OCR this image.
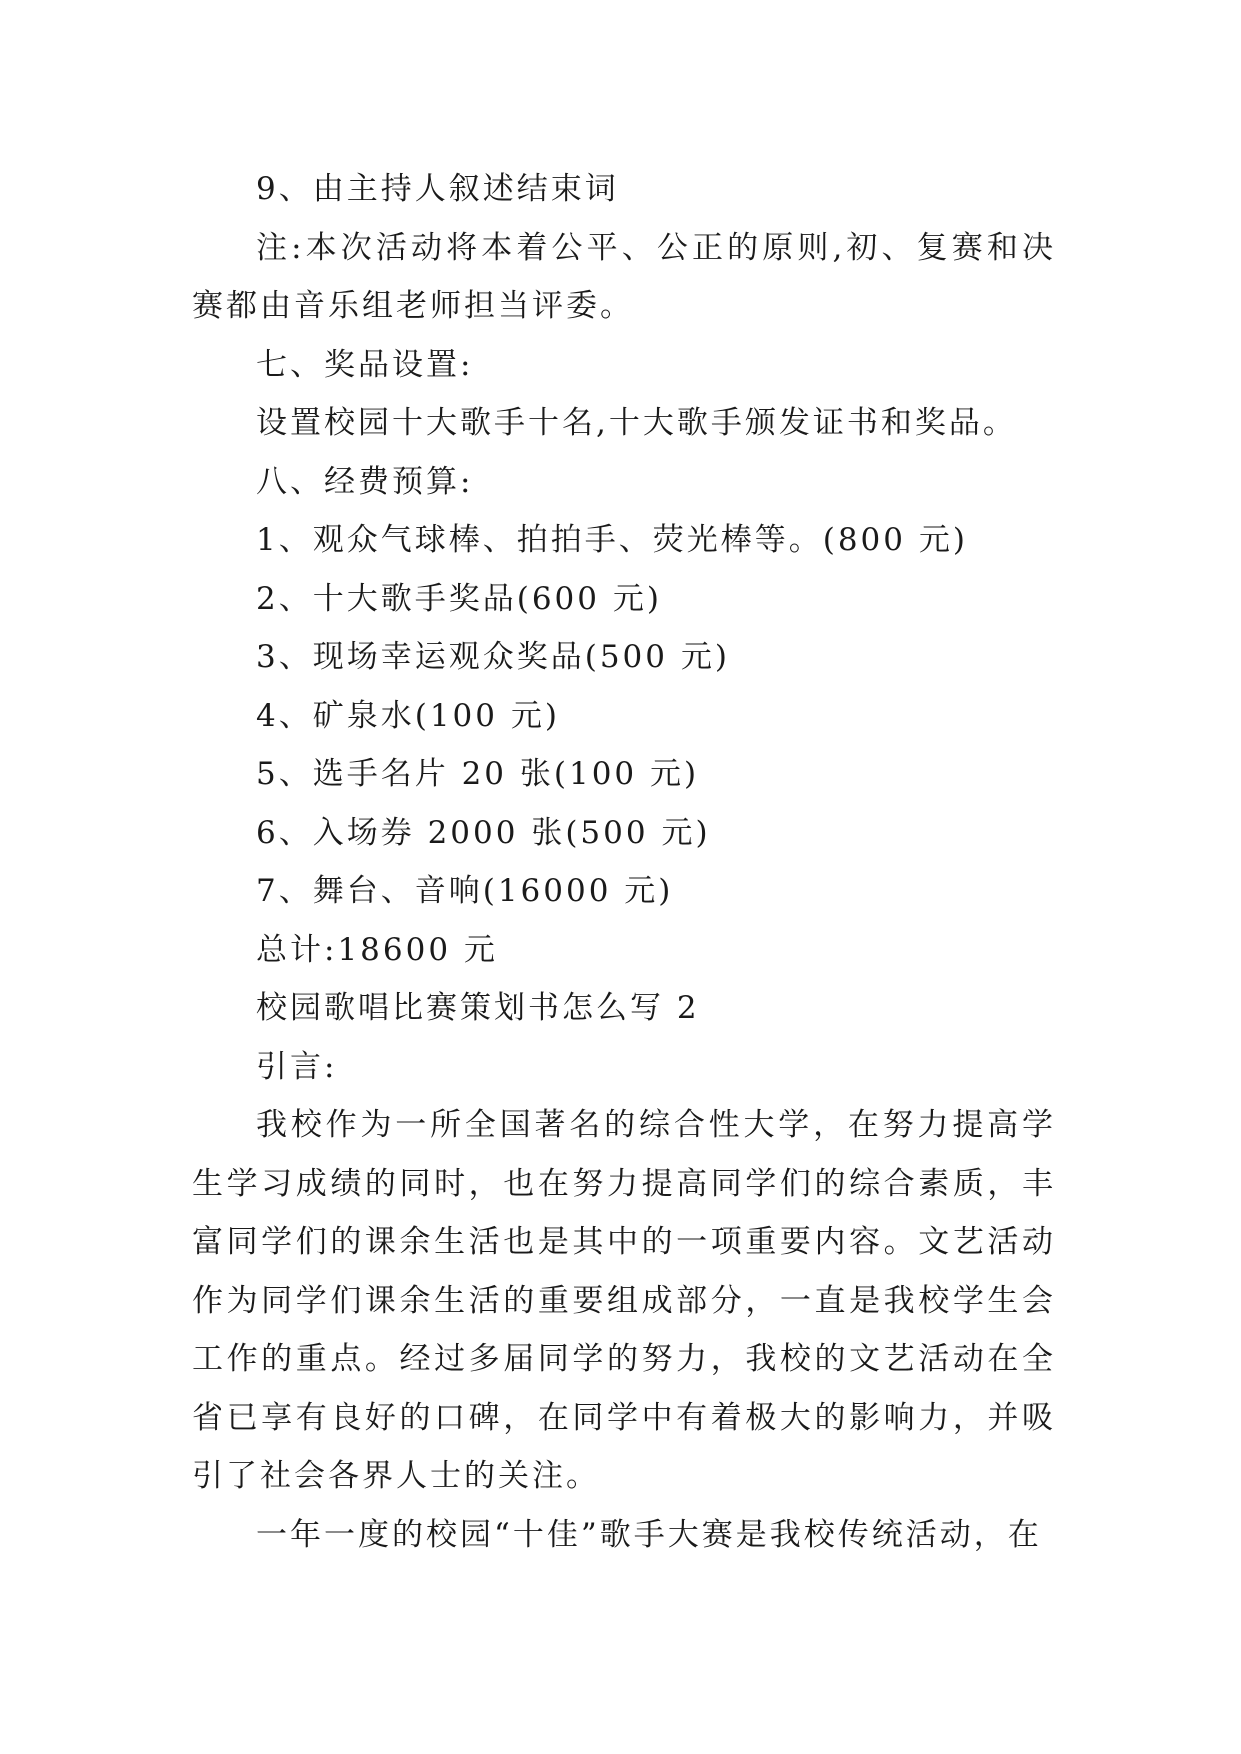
9、由主持人叙述结束词

注:本次活动将本着公平、公正的原则,初、复赛和决赛都由音乐组老师担当评委。

七、奖品设置:
设置校园十大歌手十名,十大歌手颁发证书和奖品。
八、经费预算:
1、观众气球棒、拍拍手、荧光棒等。(800 元)
2、十大歌手奖品(600 元)
3、现场幸运观众奖品(500 元)
4、矿泉水(100 元)
5、选手名片 20 张(100 元)
6、入场券 2000 张(500 元)
7、舞台、音响(16000 元)
总计:18600 元
校园歌唱比赛策划书怎么写 2
引言:

我校作为一所全国著名的综合性大学，在努力提高学生学习成绩的同时，也在努力提高同学们的综合素质，丰富同学们的课余生活也是其中的一项重要内容。文艺活动作为同学们课余生活的重要组成部分，一直是我校学生会工作的重点。经过多届同学的努力，我校的文艺活动在全省已享有良好的口碑，在同学中有着极大的影响力，并吸引了社会各界人士的关注。

一年一度的校园“十佳”歌手大赛是我校传统活动，在
